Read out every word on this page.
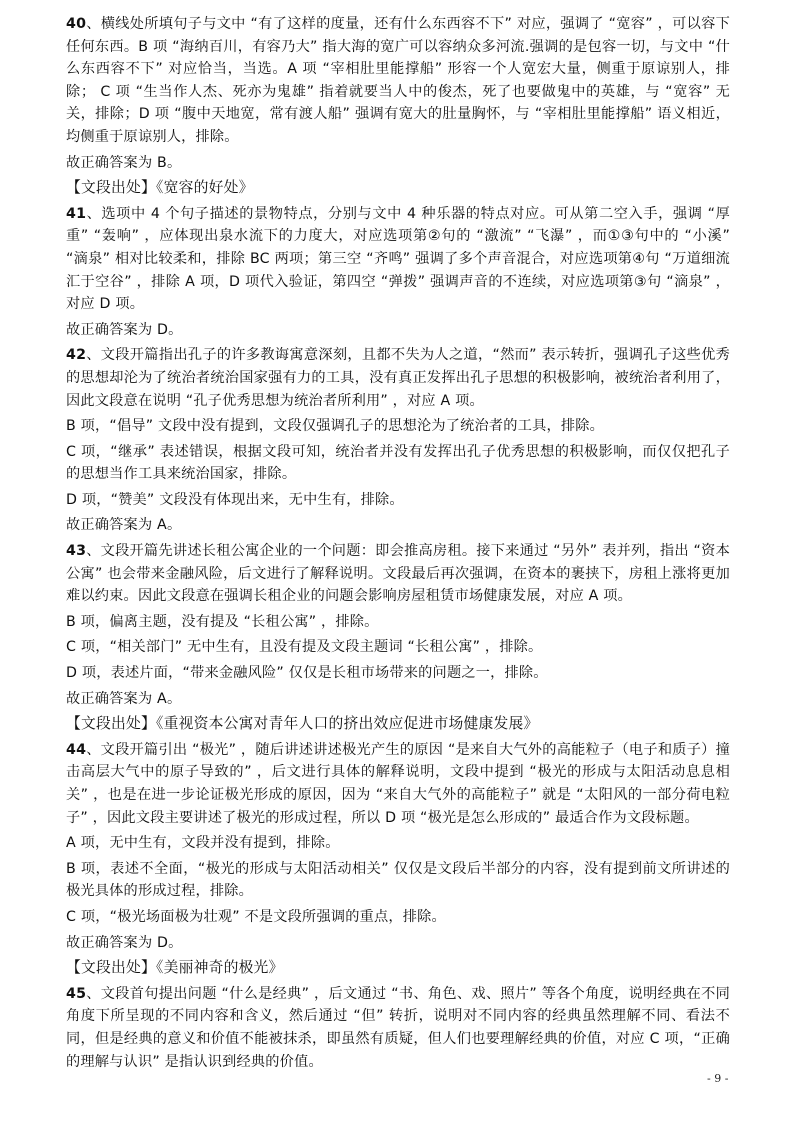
40、横线处所填句子与文中 “有了这样的度量，还有什么东西容不下” 对应，强调了 “宽容” ，可以容下任何东西。B 项 “海纳百川，有容乃大” 指大海的宽广可以容纳众多河流.强调的是包容一切，与文中 “什么东西容不下” 对应恰当，当选。A 项 “宰相肚里能撑船” 形容一个人宽宏大量，侧重于原谅别人，排除； C 项 “生当作人杰、死亦为鬼雄” 指着就要当人中的俊杰，死了也要做鬼中的英雄，与 “宽容” 无关，排除；D 项 “腹中天地宽，常有渡人船” 强调有宽大的肚量胸怀，与 “宰相肚里能撑船” 语义相近，均侧重于原谅别人，排除。

故正确答案为 B。

【文段出处】《宽容的好处》

41、选项中 4 个句子描述的景物特点，分别与文中 4 种乐器的特点对应。可从第二空入手，强调 “厚重” “轰响” ，应体现出泉水流下的力度大，对应选项第②句的 “激流” “飞瀑” ，而①③句中的 “小溪” “滴泉” 相对比较柔和，排除 BC 两项；第三空 “齐鸣” 强调了多个声音混合，对应选项第④句 “万道细流汇于空谷” ，排除 A 项，D 项代入验证，第四空 “弹拨” 强调声音的不连续，对应选项第③句 “滴泉” ，对应 D 项。

故正确答案为 D。

42、文段开篇指出孔子的许多教诲寓意深刻，且都不失为人之道，“然而” 表示转折，强调孔子这些优秀的思想却沦为了统治者统治国家强有力的工具，没有真正发挥出孔子思想的积极影响，被统治者利用了，因此文段意在说明 “孔子优秀思想为统治者所利用” ，对应 A 项。

B 项，“倡导” 文段中没有提到，文段仅强调孔子的思想沦为了统治者的工具，排除。

C 项，“继承” 表述错误，根据文段可知，统治者并没有发挥出孔子优秀思想的积极影响，而仅仅把孔子的思想当作工具来统治国家，排除。

D 项，“赞美” 文段没有体现出来，无中生有，排除。

故正确答案为 A。

43、文段开篇先讲述长租公寓企业的一个问题：即会推高房租。接下来通过 “另外” 表并列，指出 “资本公寓” 也会带来金融风险，后文进行了解释说明。文段最后再次强调，在资本的裹挟下，房租上涨将更加难以约束。因此文段意在强调长租企业的问题会影响房屋租赁市场健康发展，对应 A 项。

B 项，偏离主题，没有提及 “长租公寓” ，排除。

C 项，“相关部门” 无中生有，且没有提及文段主题词 “长租公寓” ，排除。

D 项，表述片面，“带来金融风险” 仅仅是长租市场带来的问题之一，排除。

故正确答案为 A。

【文段出处】《重视资本公寓对青年人口的挤出效应促进市场健康发展》

44、文段开篇引出 “极光” ，随后讲述讲述极光产生的原因 “是来自大气外的高能粒子（电子和质子）撞击高层大气中的原子导致的” ，后文进行具体的解释说明，文段中提到 “极光的形成与太阳活动息息相关” ，也是在进一步论证极光形成的原因，因为 “来自大气外的高能粒子” 就是 “太阳风的一部分荷电粒子” ，因此文段主要讲述了极光的形成过程，所以 D 项 “极光是怎么形成的” 最适合作为文段标题。

A 项，无中生有，文段并没有提到，排除。

B 项，表述不全面，“极光的形成与太阳活动相关” 仅仅是文段后半部分的内容，没有提到前文所讲述的极光具体的形成过程，排除。

C 项，“极光场面极为壮观” 不是文段所强调的重点，排除。

故正确答案为 D。

【文段出处】《美丽神奇的极光》

45、文段首句提出问题 “什么是经典” ，后文通过 “书、角色、戏、照片” 等各个角度，说明经典在不同角度下所呈现的不同内容和含义，然后通过 “但” 转折，说明对不同内容的经典虽然理解不同、看法不同，但是经典的意义和价值不能被抹杀，即虽然有质疑，但人们也要理解经典的价值，对应 C 项，“正确的理解与认识” 是指认识到经典的价值。

- 9 -
